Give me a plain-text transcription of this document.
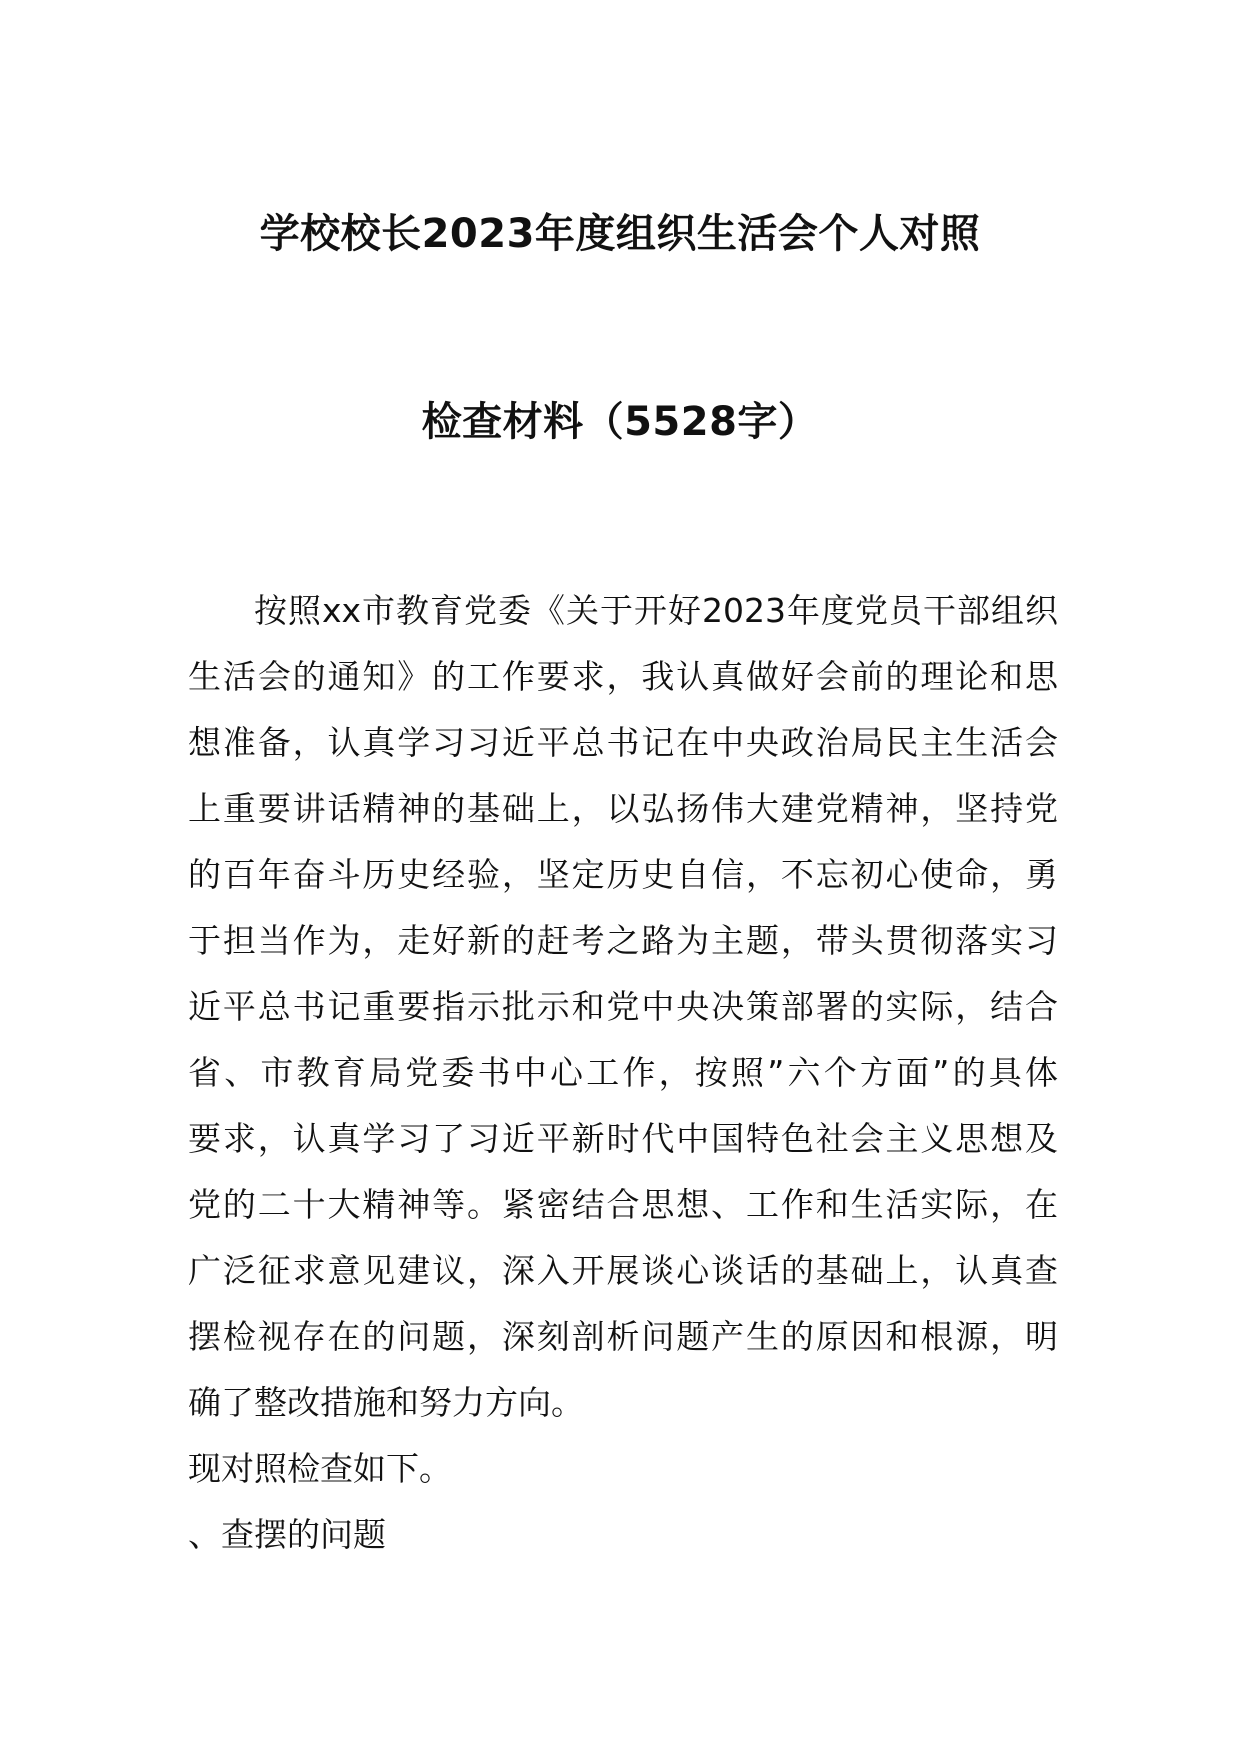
学校校长2023年度组织生活会个人对照
检查材料（5528字）
按照xx市教育党委《关于开好2023年度党员干部组织
生活会的通知》的工作要求，我认真做好会前的理论和思
想准备，认真学习习近平总书记在中央政治局民主生活会
上重要讲话精神的基础上，以弘扬伟大建党精神，坚持党
的百年奋斗历史经验，坚定历史自信，不忘初心使命，勇
于担当作为，走好新的赶考之路为主题，带头贯彻落实习
近平总书记重要指示批示和党中央决策部署的实际，结合
省、市教育局党委书中心工作，按照”六个方面”的具体
要求，认真学习了习近平新时代中国特色社会主义思想及
党的二十大精神等。紧密结合思想、工作和生活实际，在
广泛征求意见建议，深入开展谈心谈话的基础上，认真查
摆检视存在的问题，深刻剖析问题产生的原因和根源，明
确了整改措施和努力方向。
现对照检查如下。
、查摆的问题
